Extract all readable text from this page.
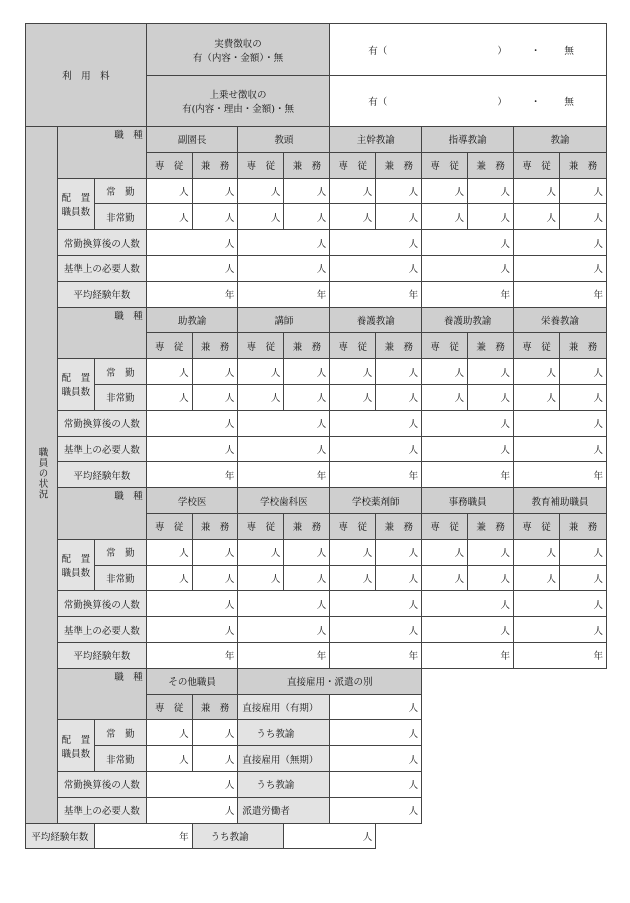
利　用　料			実費徴収の
有（内容・金額）・無				有（ ） ・ 無					

			上乗せ徴収の
有(内容・理由・金額)・無				有（ ） ・ 無					
職員の状況	職　種		副園長		教頭		主幹教諭		指導教諭		教諭	
			専　従	兼　務	専　従	兼　務	専　従	兼　務	専　従	兼　務	専　従	兼　務

	配　置
職員数	常　勤	人	人	人	人	人	人	人	人	人	人
		非常勤	人	人	人	人	人	人	人	人	人	人
	常勤換算後の人数		人		人		人		人		人	
	基準上の必要人数		人		人		人		人		人	
	平均経験年数		年		年		年		年		年	
	職　種		助教諭		講師		養護教諭		養護助教諭		栄養教諭	
			専　従	兼　務	専　従	兼　務	専　従	兼　務	専　従	兼　務	専　従	兼　務

	配　置
職員数	常　勤	人	人	人	人	人	人	人	人	人	人
		非常勤	人	人	人	人	人	人	人	人	人	人
	常勤換算後の人数		人		人		人		人		人	
	基準上の必要人数		人		人		人		人		人	
	平均経験年数		年		年		年		年		年	
	職　種		学校医		学校歯科医		学校薬剤師		事務職員		教育補助職員	
			専　従	兼　務	専　従	兼　務	専　従	兼　務	専　従	兼　務	専　従	兼　務

	配　置
職員数	常　勤	人	人	人	人	人	人	人	人	人	人
		非常勤	人	人	人	人	人	人	人	人	人	人
	常勤換算後の人数		人		人		人		人		人	
	基準上の必要人数		人		人		人		人		人	
	平均経験年数		年		年		年		年		年	
	職　種		その他職員		直接雇用・派遣の別							
			専　従	兼　務	直接雇用（有期）		人					

	配　置
職員数	常　勤	人	人	うち教諭		人					
		非常勤	人	人	直接雇用（無期）		人					
	常勤換算後の人数		人		うち教諭		人					
	基準上の必要人数		人		派遣労働者		人					
平均経験年数		年		うち教諭		人						
